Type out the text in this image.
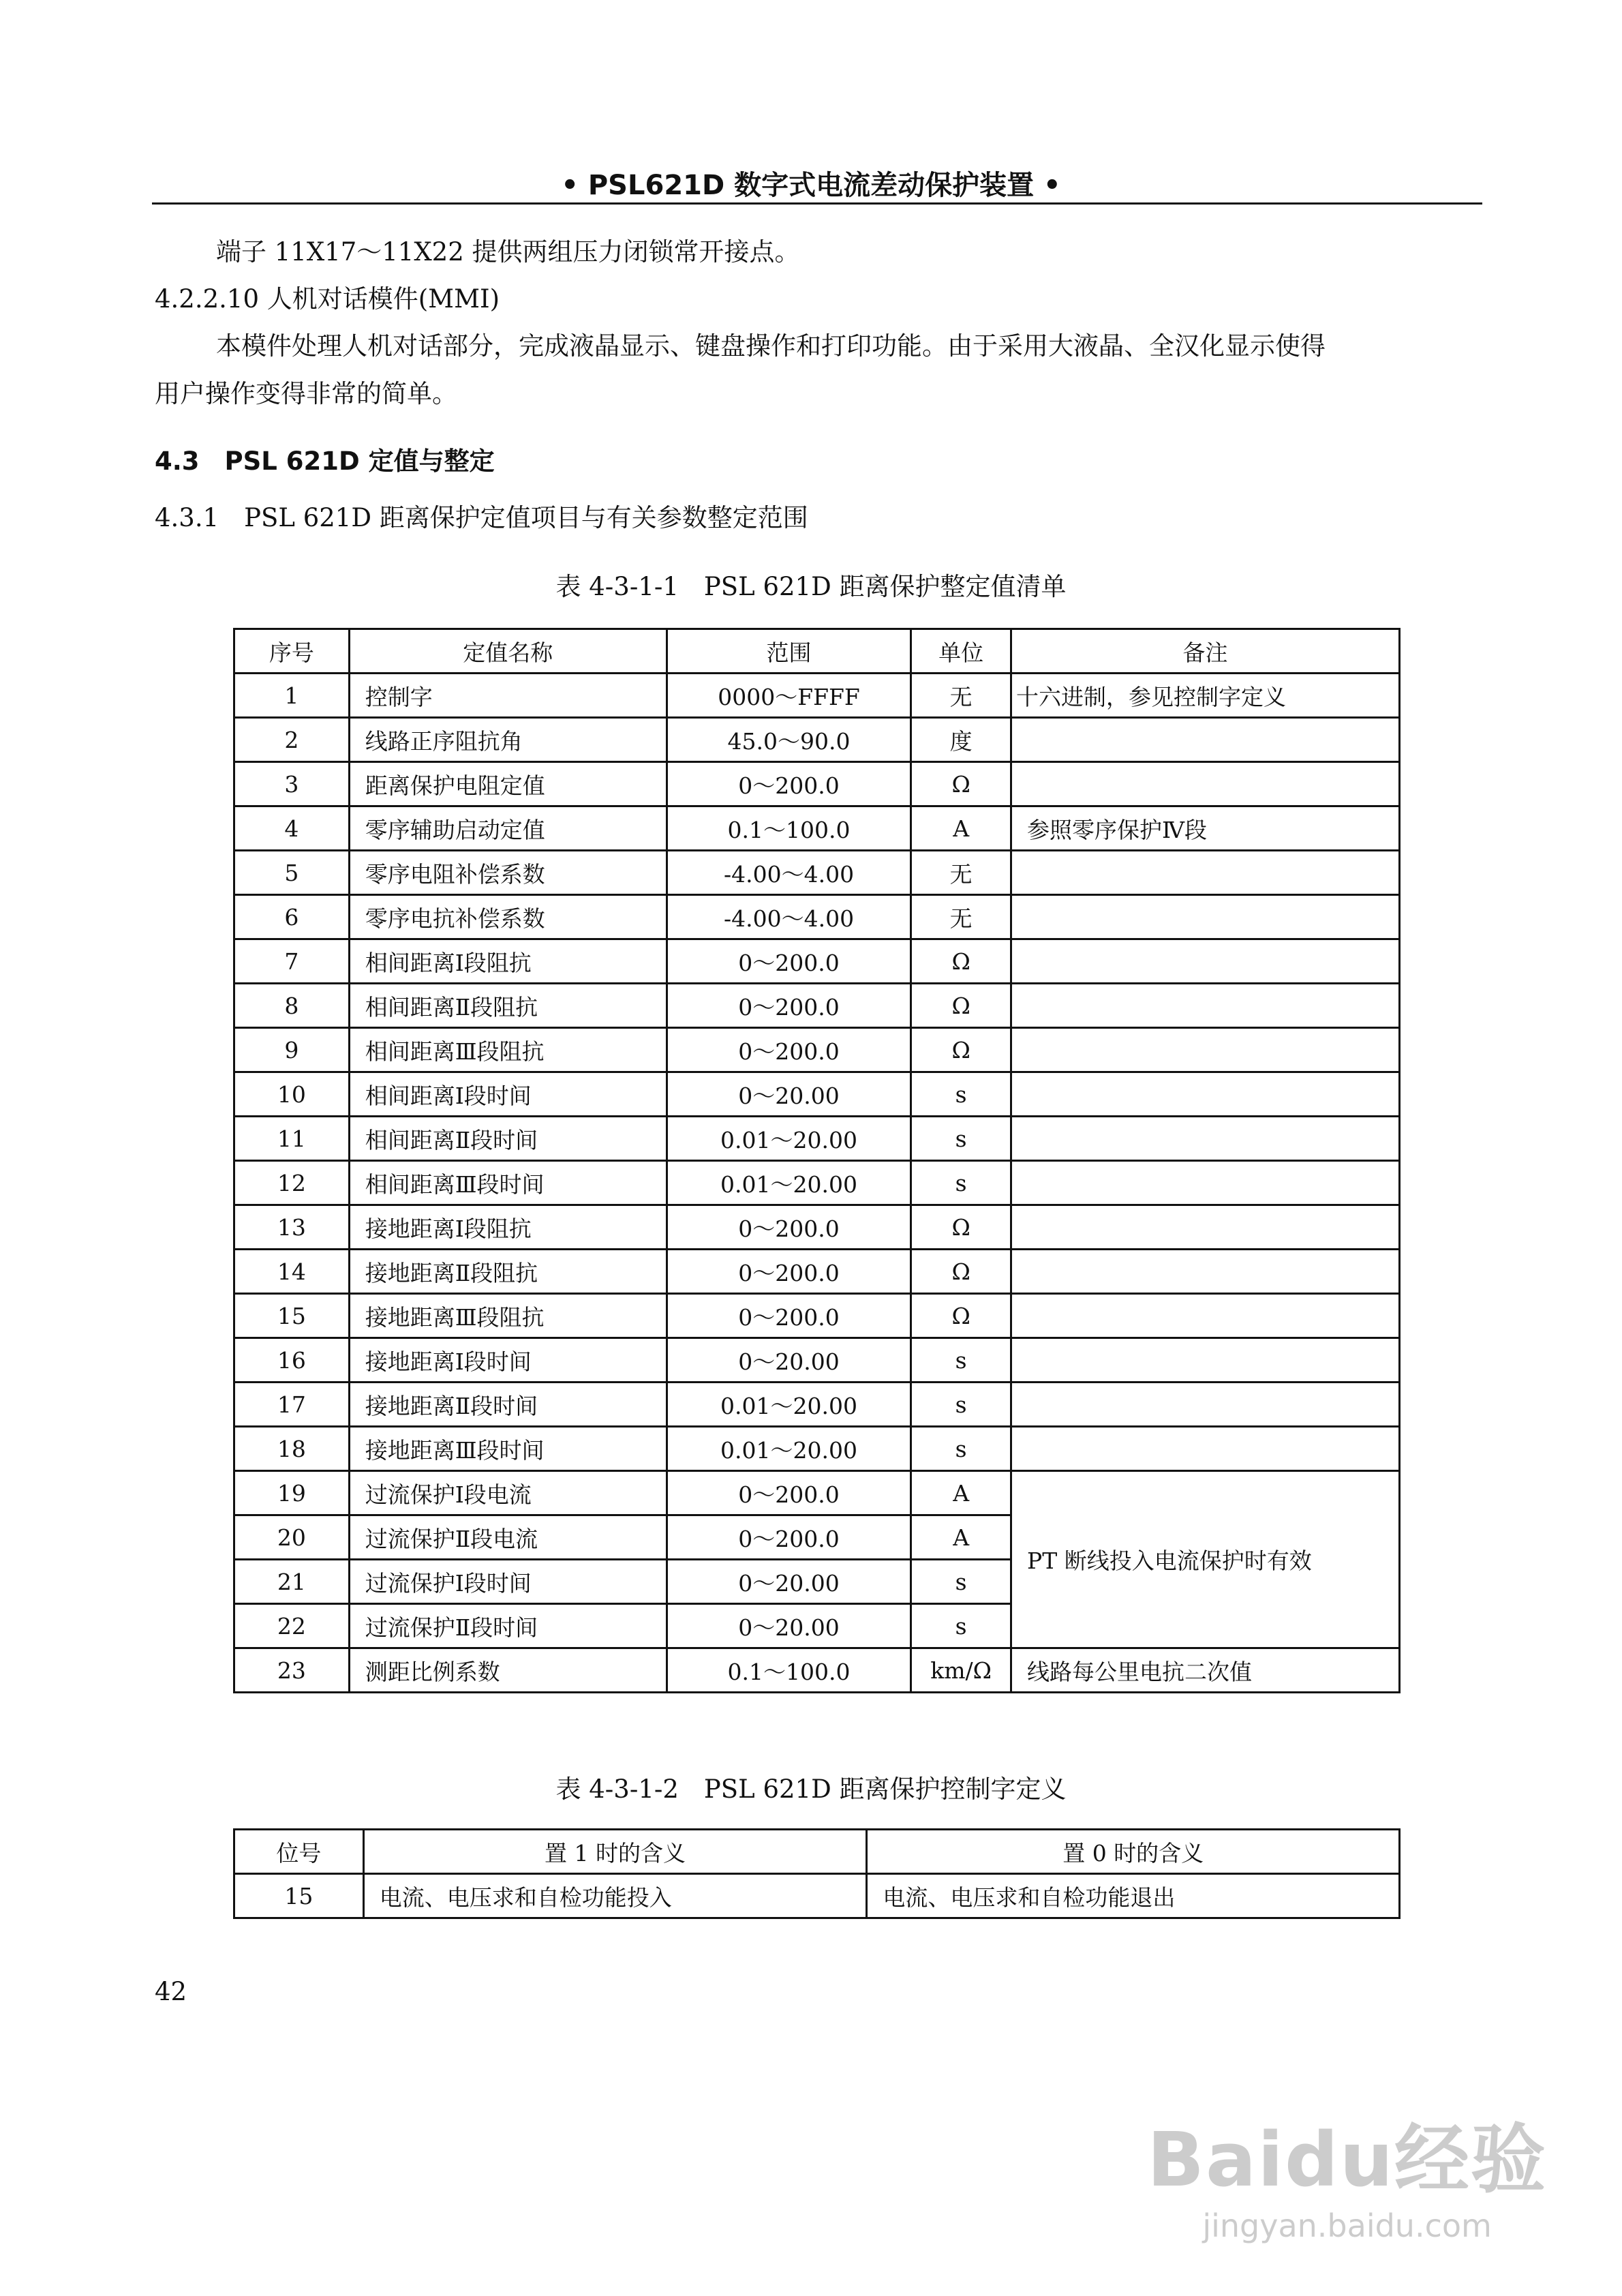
• PSL621D 数字式电流差动保护装置 •
端子 11X17～11X22 提供两组压力闭锁常开接点。
4.2.2.10 人机对话模件(MMI)
本模件处理人机对话部分，完成液晶显示、键盘操作和打印功能。由于采用大液晶、全汉化显示使得
用户操作变得非常的简单。
4.3　PSL 621D 定值与整定
4.3.1　PSL 621D 距离保护定值项目与有关参数整定范围
表 4-3-1-1　PSL 621D 距离保护整定值清单
序号	定值名称	范围	单位	备注
1	控制字	0000～FFFF	无	十六进制，参见控制字定义
2	线路正序阻抗角	45.0～90.0	度	
3	距离保护电阻定值	0～200.0	Ω	
4	零序辅助启动定值	0.1～100.0	A	参照零序保护Ⅳ段
5	零序电阻补偿系数	-4.00～4.00	无	
6	零序电抗补偿系数	-4.00～4.00	无	
7	相间距离Ⅰ段阻抗	0～200.0	Ω	
8	相间距离Ⅱ段阻抗	0～200.0	Ω	
9	相间距离Ⅲ段阻抗	0～200.0	Ω	
10	相间距离Ⅰ段时间	0～20.00	s	
11	相间距离Ⅱ段时间	0.01～20.00	s	
12	相间距离Ⅲ段时间	0.01～20.00	s	
13	接地距离Ⅰ段阻抗	0～200.0	Ω	
14	接地距离Ⅱ段阻抗	0～200.0	Ω	
15	接地距离Ⅲ段阻抗	0～200.0	Ω	
16	接地距离Ⅰ段时间	0～20.00	s	
17	接地距离Ⅱ段时间	0.01～20.00	s	
18	接地距离Ⅲ段时间	0.01～20.00	s	
19	过流保护Ⅰ段电流	0～200.0	A	PT 断线投入电流保护时有效
20	过流保护Ⅱ段电流	0～200.0	A	
21	过流保护Ⅰ段时间	0～20.00	s	
22	过流保护Ⅱ段时间	0～20.00	s	
23	测距比例系数	0.1～100.0	km/Ω	线路每公里电抗二次值
表 4-3-1-2　PSL 621D 距离保护控制字定义
位号	置 1 时的含义	置 0 时的含义
15	电流、电压求和自检功能投入	电流、电压求和自检功能退出
42
Baidu经验
jingyan.baidu.com
